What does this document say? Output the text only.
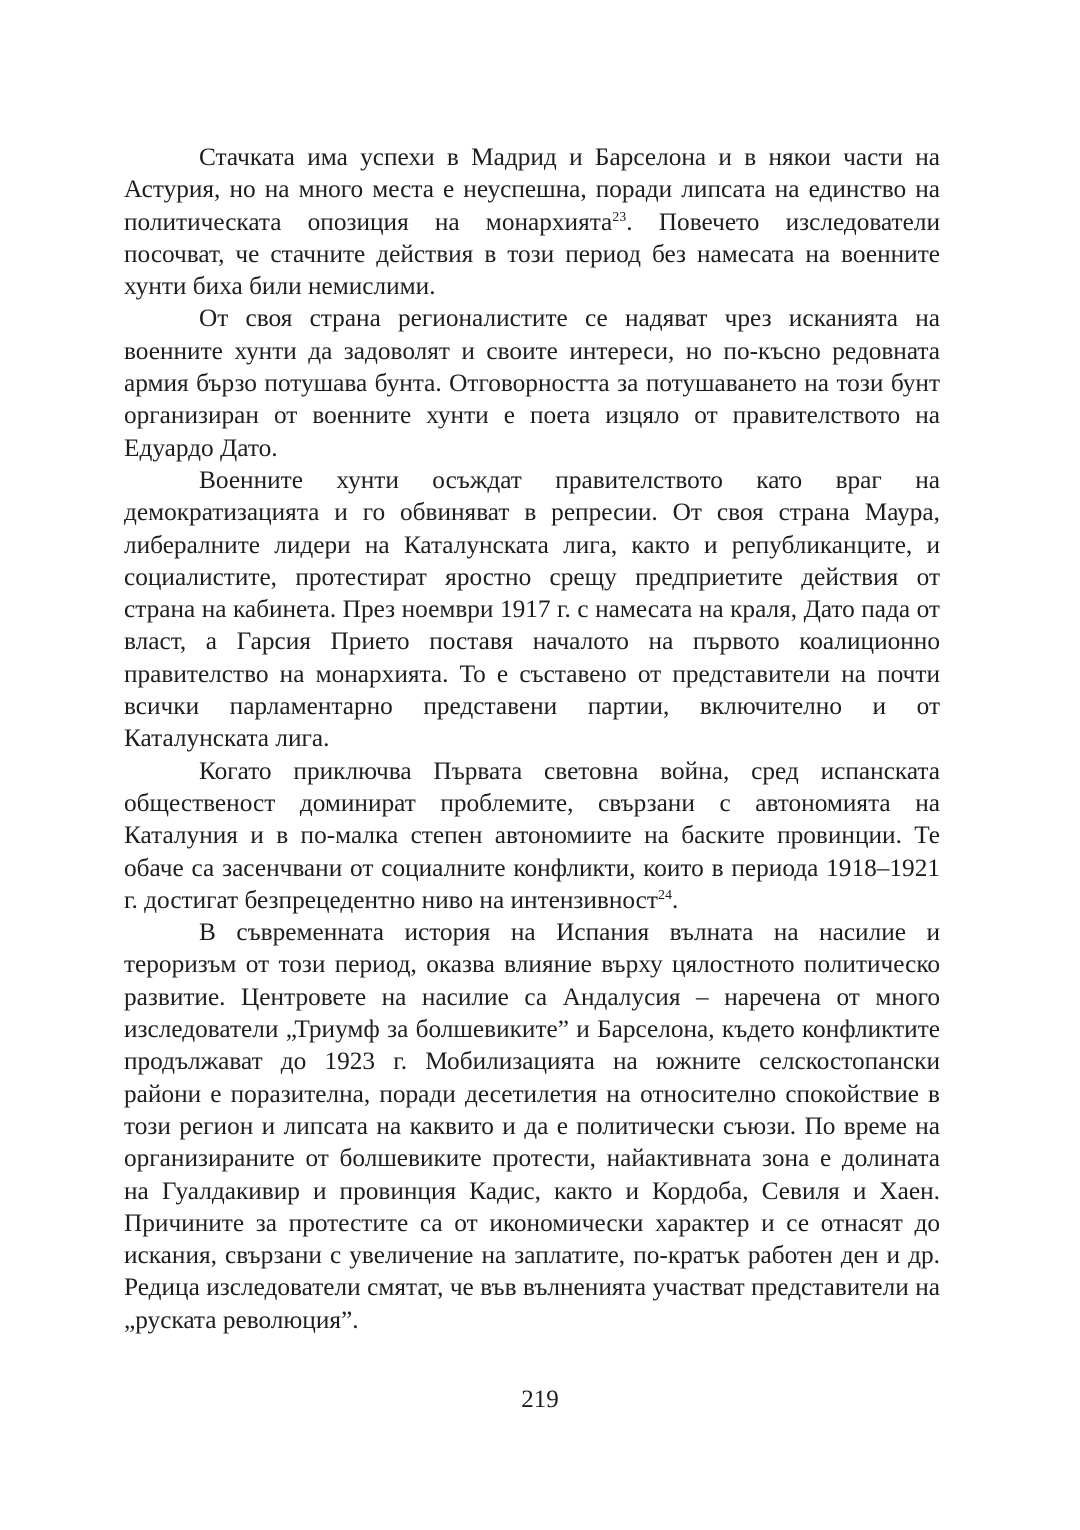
Стачката има успехи в Мадрид и Барселона и в някои части на Астурия, но на много места е неуспешна, поради липсата на единство на политическата опозиция на монархията$^{23}$. Повечето изследователи посочват, че стачните действия в този период без намесата на военните хунти биха били немислими.

От своя страна регионалистите се надяват чрез исканията на военните хунти да задоволят и своите интереси, но по-късно редовната армия бързо потушава бунта. Отговорността за потушаването на този бунт организиран от военните хунти е поета изцяло от правителството на Едуардо Дато.

Военните хунти осъждат правителството като враг на демократизацията и го обвиняват в репресии. От своя страна Маура, либералните лидери на Каталунската лига, както и републиканците, и социалистите, протестират яростно срещу предприетите действия от страна на кабинета. През ноември 1917 г. с намесата на краля, Дато пада от власт, а Гарсия Прието поставя началото на първото коалиционно правителство на монархията. То е съставено от представители на почти всички парламентарно представени партии, включително и от Каталунската лига.

Когато приключва Първата световна война, сред испанската общественост доминират проблемите, свързани с автономията на Каталуния и в по-малка степен автономиите на баските провинции. Те обаче са засенчвани от социалните конфликти, които в периода 1918–1921 г. достигат безпрецедентно ниво на интензивност$^{24}$.

В съвременната история на Испания вълната на насилие и тероризъм от този период, оказва влияние върху цялостното политическо развитие. Центровете на насилие са Андалусия – наречена от много изследователи „Триумф за болшевиките” и Барселона, където конфликтите продължават до 1923 г. Мобилизацията на южните селскостопански райони е поразителна, поради десетилетия на относително спокойствие в този регион и липсата на каквито и да е политически съюзи. По време на организираните от болшевиките протести, найактивната зона е долината на Гуалдакивир и провинция Кадис, както и Кордоба, Севиля и Хаен. Причините за протестите са от икономически характер и се отнасят до искания, свързани с увеличение на заплатите, по-кратък работен ден и др. Редица изследователи смятат, че във вълненията участват представители на „руската революция”.

219
